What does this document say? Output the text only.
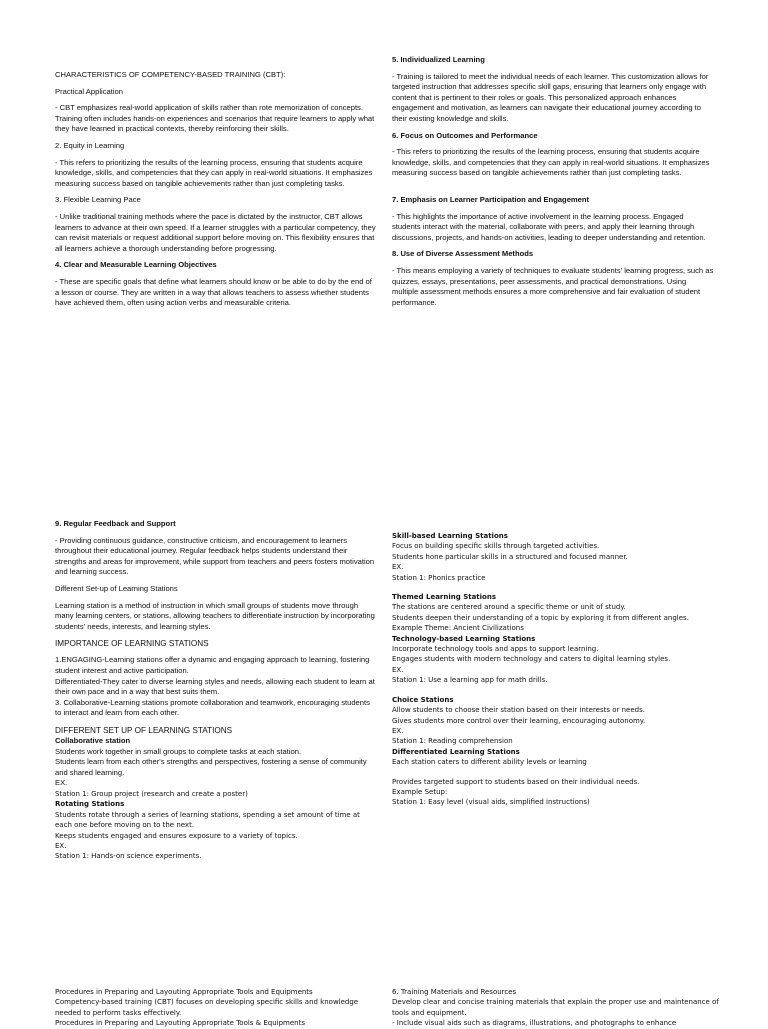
CHARACTERISTICS OF COMPETENCY-BASED TRAINING (CBT):

Practical Application

- CBT emphasizes real-world application of skills rather than rote memorization of concepts. Training often includes hands-on experiences and scenarios that require learners to apply what they have learned in practical contexts, thereby reinforcing their skills.

2. Equity in Learning

- This refers to prioritizing the results of the learning process, ensuring that students acquire knowledge, skills, and competencies that they can apply in real-world situations. It emphasizes measuring success based on tangible achievements rather than just completing tasks.

3. Flexible Learning Pace

- Unlike traditional training methods where the pace is dictated by the instructor, CBT allows learners to advance at their own speed. If a learner struggles with a particular competency, they can revisit materials or request additional support before moving on. This flexibility ensures that all learners achieve a thorough understanding before progressing.

4. Clear and Measurable Learning Objectives

- These are specific goals that define what learners should know or be able to do by the end of a lesson or course. They are written in a way that allows teachers to assess whether students have achieved them, often using action verbs and measurable criteria.

5. Individualized Learning

- Training is tailored to meet the individual needs of each learner. This customization allows for targeted instruction that addresses specific skill gaps, ensuring that learners only engage with content that is pertinent to their roles or goals. This personalized approach enhances engagement and motivation, as learners can navigate their educational journey according to their existing knowledge and skills.

6. Focus on Outcomes and Performance

- This refers to prioritizing the results of the learning process, ensuring that students acquire knowledge, skills, and competencies that they can apply in real-world situations. It emphasizes measuring success based on tangible achievements rather than just completing tasks.

7. Emphasis on Learner Participation and Engagement

- This highlights the importance of active involvement in the learning process. Engaged students interact with the material, collaborate with peers, and apply their learning through discussions, projects, and hands-on activities, leading to deeper understanding and retention.

8. Use of Diverse Assessment Methods

- This means employing a variety of techniques to evaluate students' learning progress, such as quizzes, essays, presentations, peer assessments, and practical demonstrations. Using multiple assessment methods ensures a more comprehensive and fair evaluation of student performance.

9. Regular Feedback and Support

- Providing continuous guidance, constructive criticism, and encouragement to learners throughout their educational journey. Regular feedback helps students understand their strengths and areas for improvement, while support from teachers and peers fosters motivation and learning success.

Different Set-up of Learning Stations

Learning station is a method of instruction in which small groups of students move through many learning centers, or stations, allowing teachers to differentiate instruction by incorporating students' needs, interests, and learning styles.

IMPORTANCE OF LEARNING STATIONS

1.ENGAGING-Learning stations offer a dynamic and engaging approach to learning, fostering student interest and active participation.

Differentiated-They cater to diverse learning styles and needs, allowing each student to learn at their own pace and in a way that best suits them.

3. Collaborative-Learning stations promote collaboration and teamwork, encouraging students to interact and learn from each other.

DIFFERENT SET UP OF LEARNING STATIONS

Collaborative station

Students work together in small groups to complete tasks at each station.

Students learn from each other's strengths and perspectives, fostering a sense of community and shared learning.

EX.

Station 1: Group project (research and create a poster)

Rotating Stations

Students rotate through a series of learning stations, spending a set amount of time at each one before moving on to the next.

Keeps students engaged and ensures exposure to a variety of topics.

EX.

Station 1: Hands-on science experiments.

Skill-based Learning Stations

Focus on building specific skills through targeted activities.

Students hone particular skills in a structured and focused manner.

EX.

Station 1: Phonics practice

Themed Learning Stations

The stations are centered around a specific theme or unit of study.

Students deepen their understanding of a topic by exploring it from different angles.

Example Theme: Ancient Civilizations

Technology-based Learning Stations

Incorporate technology tools and apps to support learning.

Engages students with modern technology and caters to digital learning styles.

EX.

Station 1: Use a learning app for math drills.

Choice Stations

Allow students to choose their station based on their interests or needs.

Gives students more control over their learning, encouraging autonomy.

EX.

Station 1: Reading comprehension

Differentiated Learning Stations

Each station caters to different ability levels or learning

Provides targeted support to students based on their individual needs.

Example Setup:

Station 1: Easy level (visual aids, simplified instructions)

Procedures in Preparing and Layouting Appropriate Tools and Equipments

Competency-based training (CBT) focuses on developing specific skills and knowledge needed to perform tasks effectively.

Procedures in Preparing and Layouting Appropriate Tools & Equipments

6. Training Materials and Resources

Develop clear and concise training materials that explain the proper use and maintenance of tools and equipment.

- Include visual aids such as diagrams, illustrations, and photographs to enhance
